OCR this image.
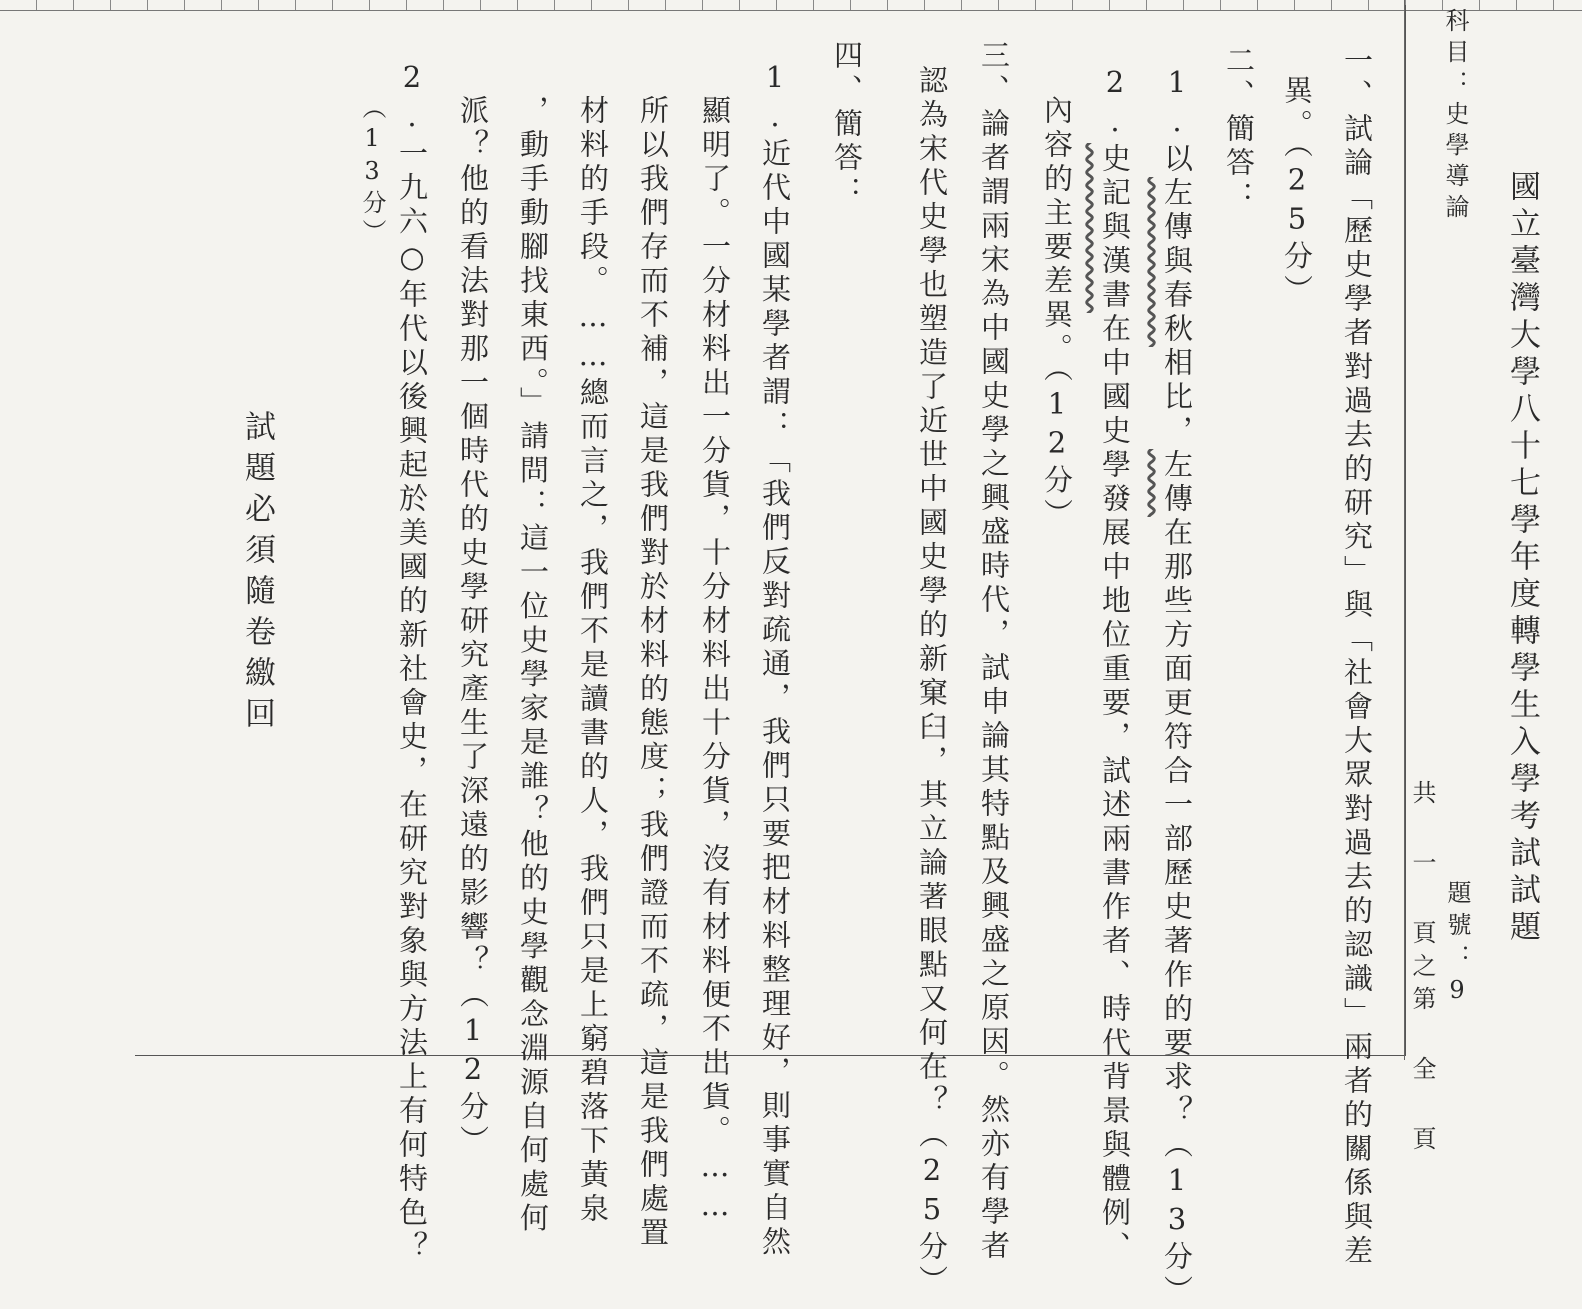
國立臺灣大學八十七學年度轉學生入學考試試題
科目：史學導論
共 一 頁之第 全 頁 題號：9
一、試論「歷史學者對過去的研究」與「社會大眾對過去的認識」兩者的關係與差
異。（25分）
二、簡答：
1.以左傳與春秋相比，左傳在那些方面更符合一部歷史著作的要求？（13分）
2.史記與漢書在中國史學發展中地位重要，試述兩書作者、時代背景與體例、
內容的主要差異。（12分）
三、論者謂兩宋為中國史學之興盛時代，試申論其特點及興盛之原因。然亦有學者
認為宋代史學也塑造了近世中國史學的新窠臼，其立論著眼點又何在？（25分）
四、簡答：
1.近代中國某學者謂：「我們反對疏通，我們只要把材料整理好，則事實自然
顯明了。一分材料出一分貨，十分材料出十分貨，沒有材料便不出貨。……
所以我們存而不補，這是我們對於材料的態度；我們證而不疏，這是我們處置
材料的手段。……總而言之，我們不是讀書的人，我們只是上窮碧落下黃泉
，動手動腳找東西。」請問：這一位史學家是誰？他的史學觀念淵源自何處何
派？他的看法對那一個時代的史學研究產生了深遠的影響？（12分）
2.一九六○年代以後興起於美國的新社會史，在研究對象與方法上有何特色？
（13分）
試題必須隨卷繳回
